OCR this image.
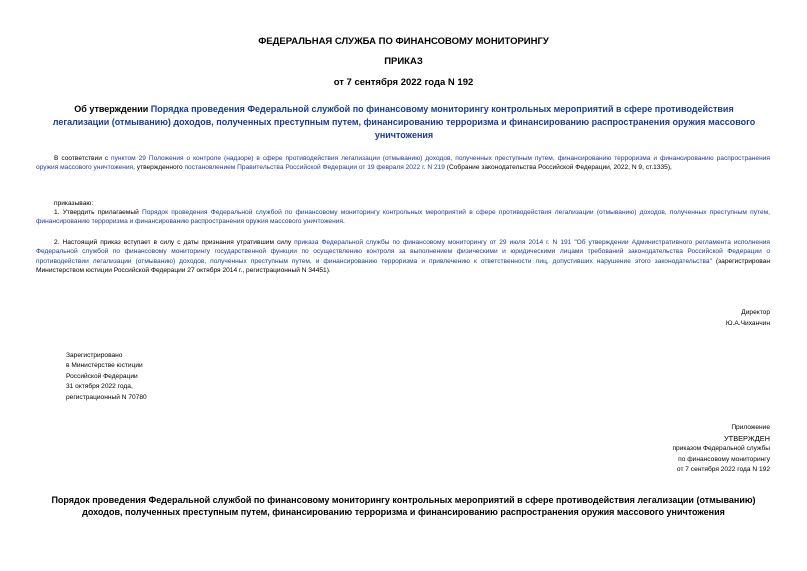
ФЕДЕРАЛЬНАЯ СЛУЖБА ПО ФИНАНСОВОМУ МОНИТОРИНГУ
ПРИКАЗ
от 7 сентября 2022 года N 192
Об утверждении Порядка проведения Федеральной службой по финансовому мониторингу контрольных мероприятий в сфере противодействия легализации (отмыванию) доходов, полученных преступным путем, финансированию терроризма и финансированию распространения оружия массового уничтожения
В соответствии с пунктом 29 Положения о контроле (надзоре) в сфере противодействия легализации (отмыванию) доходов, полученных преступным путем, финансированию терроризма и финансированию распространения оружия массового уничтожения, утвержденного постановлением Правительства Российской Федерации от 19 февраля 2022 г. N 219 (Собрание законодательства Российской Федерации, 2022, N 9, ст.1335),
приказываю:
1. Утвердить прилагаемый Порядок проведения Федеральной службой по финансовому мониторингу контрольных мероприятий в сфере противодействия легализации (отмыванию) доходов, полученных преступным путем, финансированию терроризма и финансированию распространения оружия массового уничтожения.
2. Настоящий приказ вступает в силу с даты признания утратившим силу приказа Федеральной службы по финансовому мониторингу от 29 июля 2014 г. N 191 "Об утверждении Административного регламента исполнения Федеральной службой по финансовому мониторингу государственной функции по осуществлению контроля за выполнением физическими и юридическими лицами требований законодательства Российской Федерации о противодействии легализации (отмыванию) доходов, полученных преступным путем, и финансированию терроризма и привлечению к ответственности лиц, допустивших нарушение этого законодательства" (зарегистрирован Министерством юстиции Российской Федерации 27 октября 2014 г., регистрационный N 34451).
Директор
Ю.А.Чиханчин
Зарегистрировано
в Министерстве юстиции
Российской Федерации
31 октября 2022 года,
регистрационный N 70780
Приложение
УТВЕРЖДЕН
приказом Федеральной службы
по финансовому мониторингу
от 7 сентября 2022 года N 192
Порядок проведения Федеральной службой по финансовому мониторингу контрольных мероприятий в сфере противодействия легализации (отмыванию) доходов, полученных преступным путем, финансированию терроризма и финансированию распространения оружия массового уничтожения
